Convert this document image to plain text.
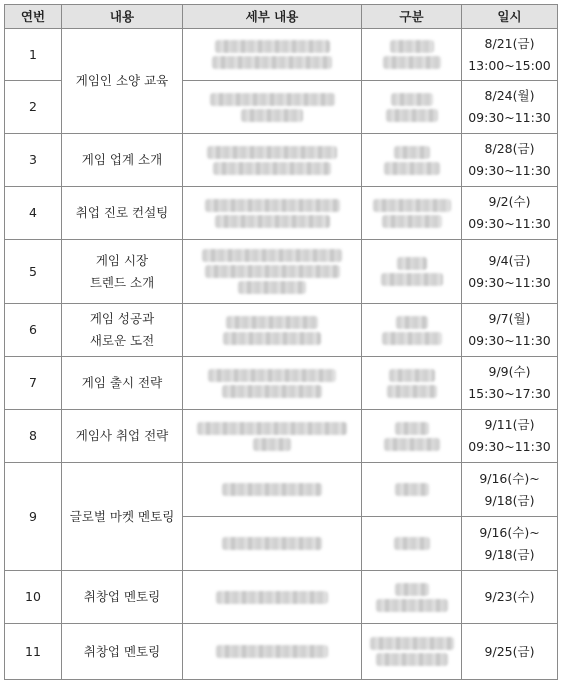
연번	내용	세부 내용	구분	일시

1	게임인 소양 교육			8/21(금)
13:00~15:00

2				8/24(월)
09:30~11:30

3	게임 업계 소개			8/28(금)
09:30~11:30

4	취업 진로 컨설팅			9/2(수)
09:30~11:30

5	게임 시장
트렌드 소개			9/4(금)
09:30~11:30

6	게임 성공과
새로운 도전			9/7(월)
09:30~11:30

7	게임 출시 전략			9/9(수)
15:30~17:30

8	게임사 취업 전략			9/11(금)
09:30~11:30

9	글로벌 마켓 멘토링			9/16(수)~
9/18(금)

				9/16(수)~
9/18(금)

10	취창업 멘토링			9/23(수)

11	취창업 멘토링			9/25(금)
